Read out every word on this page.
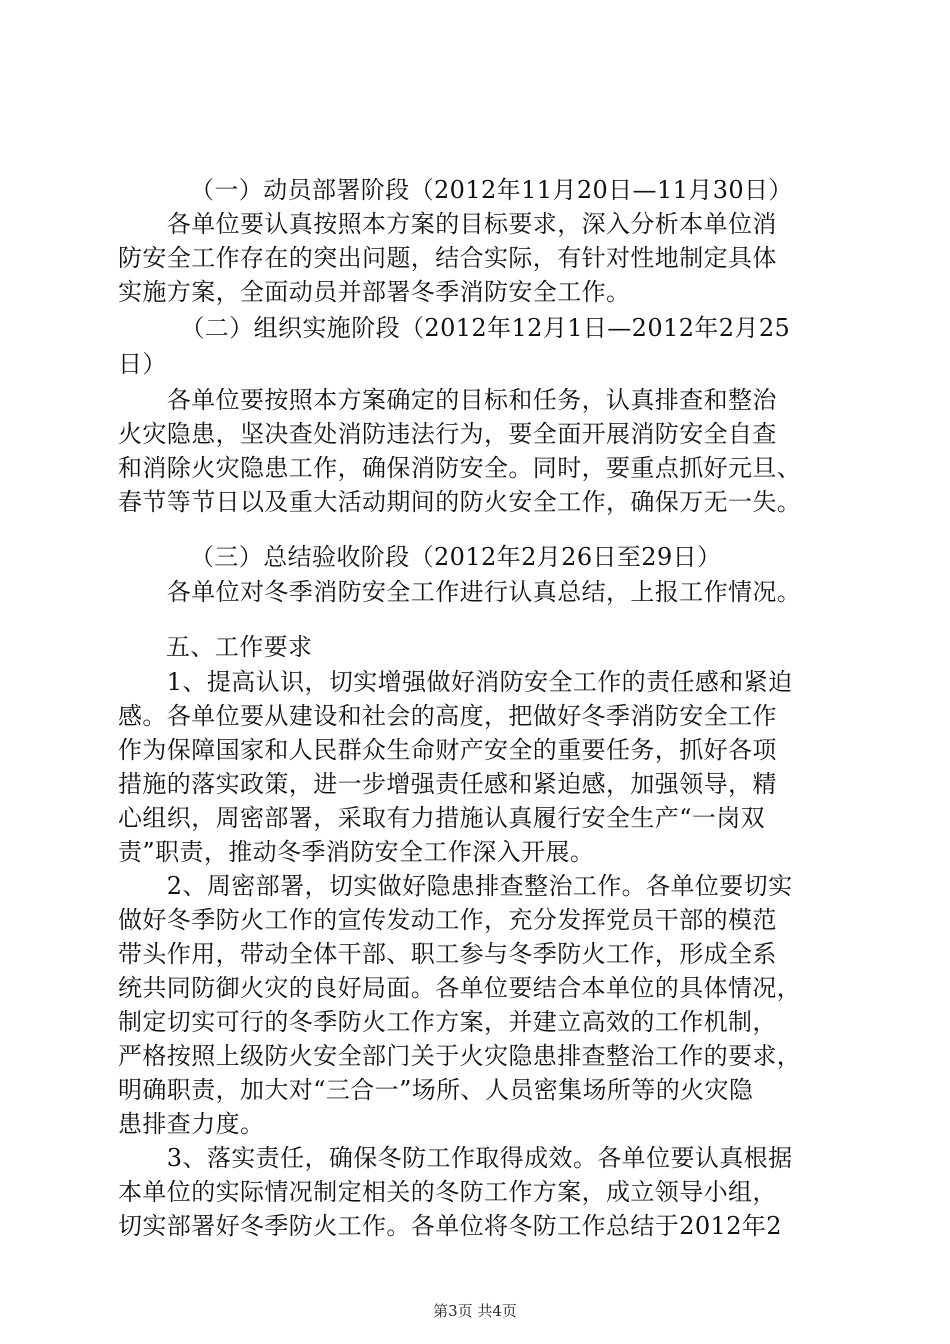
（一）动员部署阶段（2012年11月20日—11月30日）
　　各单位要认真按照本方案的目标要求，深入分析本单位消
防安全工作存在的突出问题，结合实际，有针对性地制定具体
实施方案，全面动员并部署冬季消防安全工作。
　（二）组织实施阶段（2012年12月1日—2012年2月25
日）
　　各单位要按照本方案确定的目标和任务，认真排查和整治
火灾隐患，坚决查处消防违法行为，要全面开展消防安全自查
和消除火灾隐患工作，确保消防安全。同时，要重点抓好元旦、
春节等节日以及重大活动期间的防火安全工作，确保万无一失。
（三）总结验收阶段（2012年2月26日至29日）
　　各单位对冬季消防安全工作进行认真总结，上报工作情况。
五、工作要求
　　1、提高认识，切实增强做好消防安全工作的责任感和紧迫
感。各单位要从建设和社会的高度，把做好冬季消防安全工作
作为保障国家和人民群众生命财产安全的重要任务，抓好各项
措施的落实政策，进一步增强责任感和紧迫感，加强领导，精
心组织，周密部署，采取有力措施认真履行安全生产“一岗双
责”职责，推动冬季消防安全工作深入开展。
　　2、周密部署，切实做好隐患排查整治工作。各单位要切实
做好冬季防火工作的宣传发动工作，充分发挥党员干部的模范
带头作用，带动全体干部、职工参与冬季防火工作，形成全系
统共同防御火灾的良好局面。各单位要结合本单位的具体情况，
制定切实可行的冬季防火工作方案，并建立高效的工作机制，
严格按照上级防火安全部门关于火灾隐患排查整治工作的要求，
明确职责，加大对“三合一”场所、人员密集场所等的火灾隐
患排查力度。
　　3、落实责任，确保冬防工作取得成效。各单位要认真根据
本单位的实际情况制定相关的冬防工作方案，成立领导小组，
切实部署好冬季防火工作。各单位将冬防工作总结于2012年2
第3页 共4页
